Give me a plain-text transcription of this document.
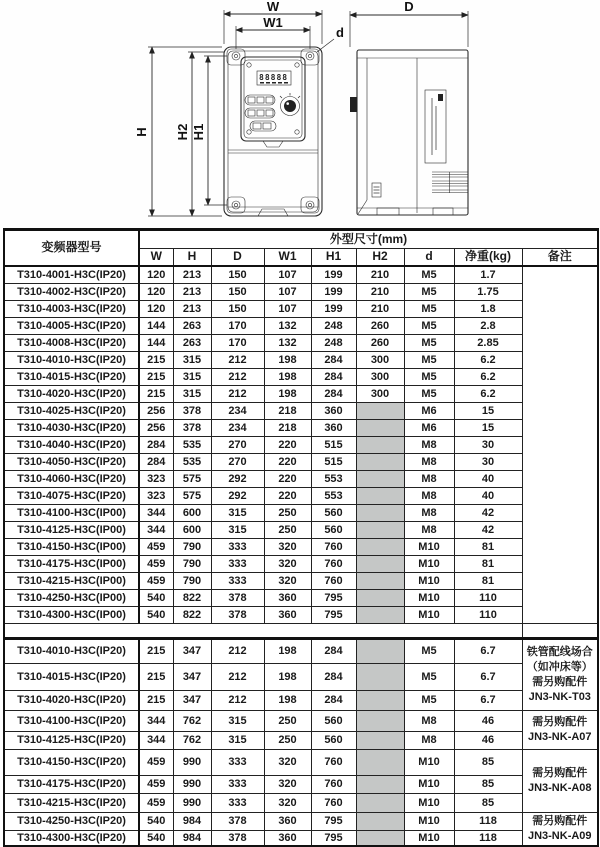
88888
W
W1
d
H H2 H1
D
变频器型号	外型尺寸(mm)								
	W	H	D	W1	H1	H2	d	净重(kg)	备注
T310-4001-H3C(IP20)	120	213	150	107	199	210	M5	1.7	
T310-4002-H3C(IP20)	120	213	150	107	199	210	M5	1.75	
T310-4003-H3C(IP20)	120	213	150	107	199	210	M5	1.8	
T310-4005-H3C(IP20)	144	263	170	132	248	260	M5	2.8	
T310-4008-H3C(IP20)	144	263	170	132	248	260	M5	2.85	
T310-4010-H3C(IP20)	215	315	212	198	284	300	M5	6.2	
T310-4015-H3C(IP20)	215	315	212	198	284	300	M5	6.2	
T310-4020-H3C(IP20)	215	315	212	198	284	300	M5	6.2	
T310-4025-H3C(IP20)	256	378	234	218	360		M6	15	
T310-4030-H3C(IP20)	256	378	234	218	360		M6	15	
T310-4040-H3C(IP20)	284	535	270	220	515		M8	30	
T310-4050-H3C(IP20)	284	535	270	220	515		M8	30	
T310-4060-H3C(IP20)	323	575	292	220	553		M8	40	
T310-4075-H3C(IP20)	323	575	292	220	553		M8	40	
T310-4100-H3C(IP00)	344	600	315	250	560		M8	42	
T310-4125-H3C(IP00)	344	600	315	250	560		M8	42	
T310-4150-H3C(IP00)	459	790	333	320	760		M10	81	
T310-4175-H3C(IP00)	459	790	333	320	760		M10	81	
T310-4215-H3C(IP00)	459	790	333	320	760		M10	81	
T310-4250-H3C(IP00)	540	822	378	360	795		M10	110	
T310-4300-H3C(IP00)	540	822	378	360	795		M10	110	

T310-4010-H3C(IP20)	215	347	212	198	284		M5	6.7	铁管配线场合
（如冲床等）
需另购配件
JN3-NK-T03

T310-4015-H3C(IP20)	215	347	212	198	284		M5	6.7	
T310-4020-H3C(IP20)	215	347	212	198	284		M5	6.7	
T310-4100-H3C(IP20)	344	762	315	250	560		M8	46	需另购配件
JN3-NK-A07

T310-4125-H3C(IP20)	344	762	315	250	560		M8	46	
T310-4150-H3C(IP20)	459	990	333	320	760		M10	85	需另购配件
JN3-NK-A08

T310-4175-H3C(IP20)	459	990	333	320	760		M10	85	
T310-4215-H3C(IP20)	459	990	333	320	760		M10	85	
T310-4250-H3C(IP20)	540	984	378	360	795		M10	118	需另购配件
JN3-NK-A09

T310-4300-H3C(IP20)	540	984	378	360	795		M10	118	
